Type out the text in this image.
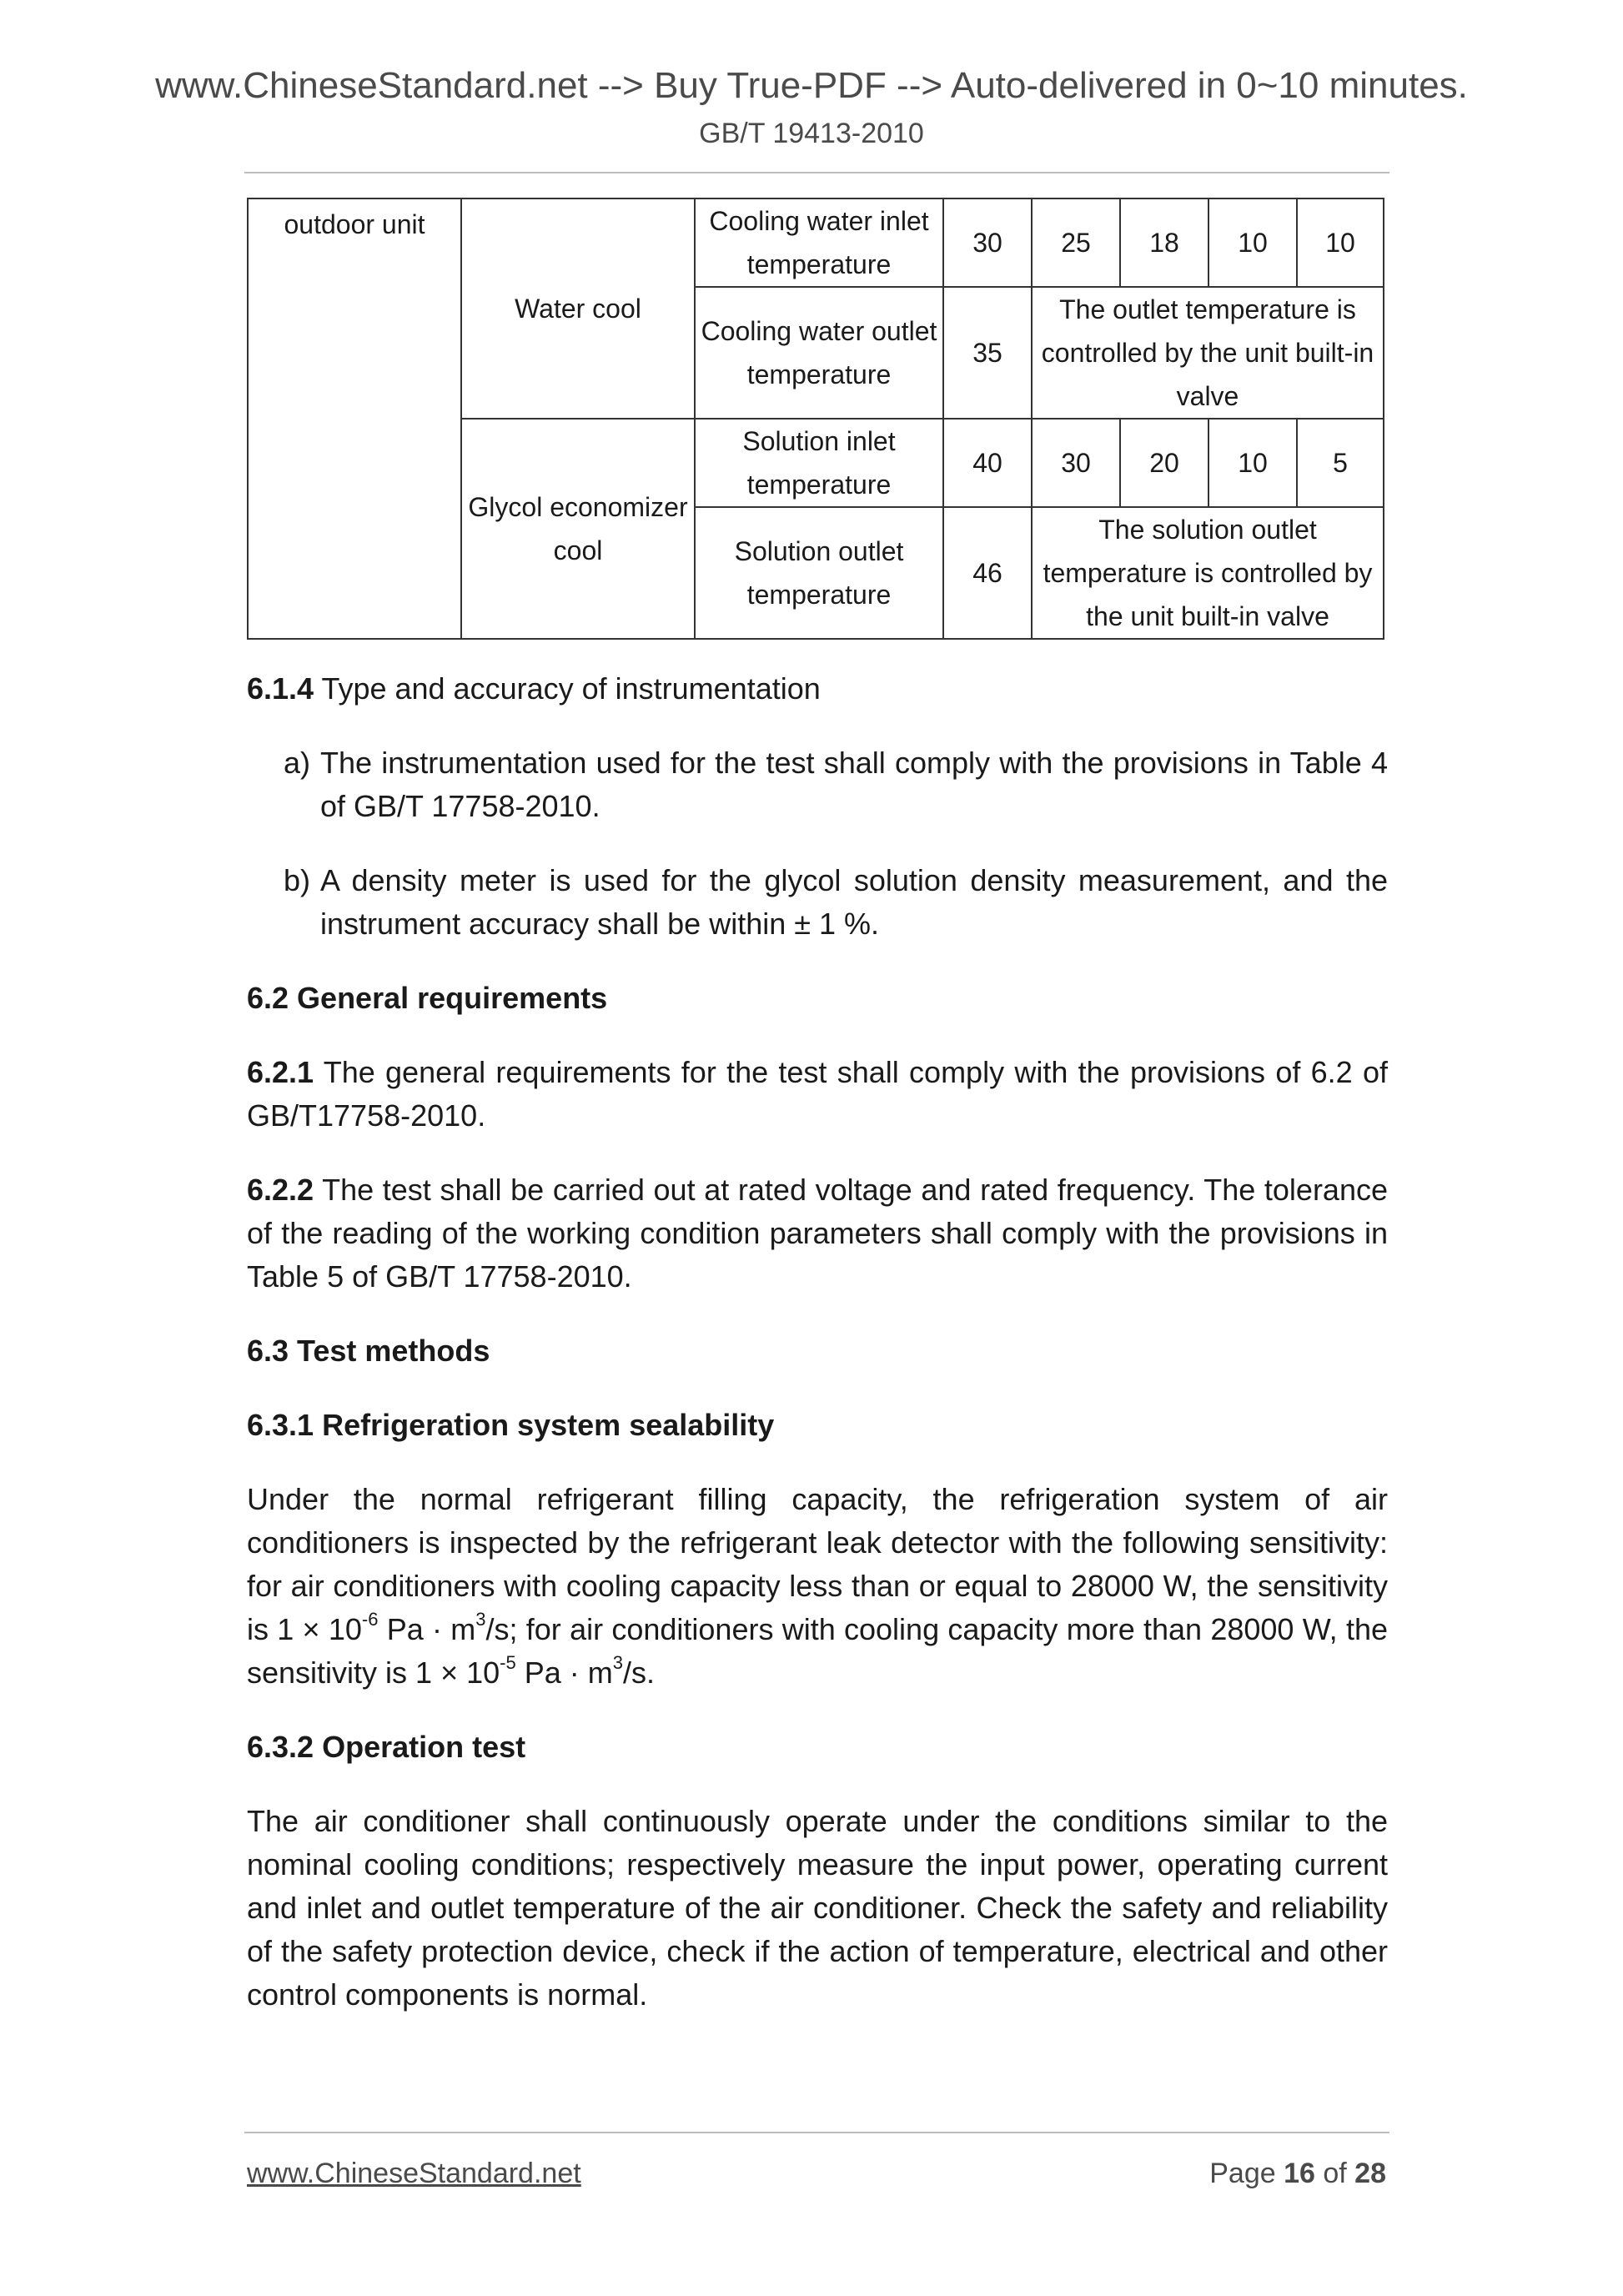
www.ChineseStandard.net --> Buy True-PDF --> Auto-delivered in 0~10 minutes.
GB/T 19413-2010
outdoor unit	Water cool	Cooling water inlet temperature	30	25	18	10	10
		Cooling water outlet temperature	35	The outlet temperature is controlled by the unit built-in valve			
	Glycol economizer cool	Solution inlet temperature	40	30	20	10	5
		Solution outlet temperature	46	The solution outlet temperature is controlled by the unit built-in valve			

6.1.4 Type and accuracy of instrumentation

a) The instrumentation used for the test shall comply with the provisions in Table 4 of GB/T 17758-2010.
b) A density meter is used for the glycol solution density measurement, and the instrument accuracy shall be within ± 1 %.
6.2 General requirements

6.2.1 The general requirements for the test shall comply with the provisions of 6.2 of GB/T17758-2010.

6.2.2 The test shall be carried out at rated voltage and rated frequency. The tolerance of the reading of the working condition parameters shall comply with the provisions in Table 5 of GB/T 17758-2010.

6.3 Test methods
6.3.1 Refrigeration system sealability

Under the normal refrigerant filling capacity, the refrigeration system of air conditioners is inspected by the refrigerant leak detector with the following sensitivity: for air conditioners with cooling capacity less than or equal to 28000 W, the sensitivity is $1 \times 10^{-6}$ $Pa \cdot m^3/s$; for air conditioners with cooling capacity more than 28000 W, the sensitivity is $1 \times 10^{-5}$ $Pa \cdot m^3/s$.

6.3.2 Operation test

The air conditioner shall continuously operate under the conditions similar to the nominal cooling conditions; respectively measure the input power, operating current and inlet and outlet temperature of the air conditioner. Check the safety and reliability of the safety protection device, check if the action of temperature, electrical and other control components is normal.

www.ChineseStandard.net	Page 16 of 28
